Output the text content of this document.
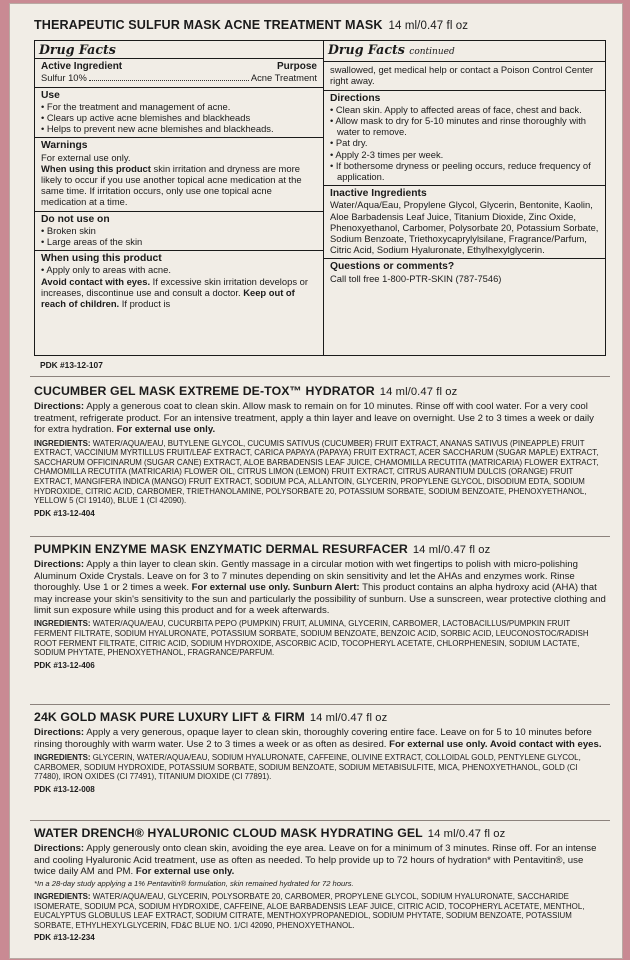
THERAPEUTIC SULFUR MASK ACNE TREATMENT MASK 14 ml/0.47 fl oz
Drug Facts
Active Ingredient	Purpose
Sulfur 10%	Acne Treatment
Use
• For the treatment and management of acne.
• Clears up active acne blemishes and blackheads
• Helps to prevent new acne blemishes and blackheads.
Warnings
For external use only.
When using this product skin irritation and dryness are more likely to occur if you use another topical acne medication at the same time. If irritation occurs, only use one topical acne medication at a time.
Do not use on
• Broken skin
• Large areas of the skin
When using this product
• Apply only to areas with acne.
Avoid contact with eyes. If excessive skin irritation develops or increases, discontinue use and consult a doctor. Keep out of reach of children. If product is
Drug Facts continued
swallowed, get medical help or contact a Poison Control Center right away.
Directions
• Clean skin. Apply to affected areas of face, chest and back.
• Allow mask to dry for 5-10 minutes and rinse thoroughly with water to remove.
• Pat dry.
• Apply 2-3 times per week.
• If bothersome dryness or peeling occurs, reduce frequency of application.
Inactive Ingredients
Water/Aqua/Eau, Propylene Glycol, Glycerin, Bentonite, Kaolin, Aloe Barbadensis Leaf Juice, Titanium Dioxide, Zinc Oxide, Phenoxyethanol, Carbomer, Polysorbate 20, Potassium Sorbate, Sodium Benzoate, Triethoxycaprylylsilane, Fragrance/Parfum, Citric Acid, Sodium Hyaluronate, Ethylhexylglycerin.
Questions or comments?
Call toll free 1-800-PTR-SKIN (787-7546)
PDK #13-12-107
CUCUMBER GEL MASK EXTREME DE-TOX™ HYDRATOR 14 ml/0.47 fl oz
Directions: Apply a generous coat to clean skin. Allow mask to remain on for 10 minutes. Rinse off with cool water. For a very cool treatment, refrigerate product. For an intensive treatment, apply a thin layer and leave on overnight. Use 2 to 3 times a week or daily for extra hydration. For external use only.
INGREDIENTS: WATER/AQUA/EAU, BUTYLENE GLYCOL, CUCUMIS SATIVUS (CUCUMBER) FRUIT EXTRACT, ANANAS SATIVUS (PINEAPPLE) FRUIT EXTRACT, VACCINIUM MYRTILLUS FRUIT/LEAF EXTRACT, CARICA PAPAYA (PAPAYA) FRUIT EXTRACT, ACER SACCHARUM (SUGAR MAPLE) EXTRACT, SACCHARUM OFFICINARUM (SUGAR CANE) EXTRACT, ALOE BARBADENSIS LEAF JUICE, CHAMOMILLA RECUTITA (MATRICARIA) FLOWER EXTRACT, CHAMOMILLA RECUTITA (MATRICARIA) FLOWER OIL, CITRUS LIMON (LEMON) FRUIT EXTRACT, CITRUS AURANTIUM DULCIS (ORANGE) FRUIT EXTRACT, MANGIFERA INDICA (MANGO) FRUIT EXTRACT, SODIUM PCA, ALLANTOIN, GLYCERIN, PROPYLENE GLYCOL, DISODIUM EDTA, SODIUM HYDROXIDE, CITRIC ACID, CARBOMER, TRIETHANOLAMINE, POLYSORBATE 20, POTASSIUM SORBATE, SODIUM BENZOATE, PHENOXYETHANOL, YELLOW 5 (CI 19140), BLUE 1 (CI 42090).
PDK #13-12-404
PUMPKIN ENZYME MASK ENZYMATIC DERMAL RESURFACER 14 ml/0.47 fl oz
Directions: Apply a thin layer to clean skin. Gently massage in a circular motion with wet fingertips to polish with micro-polishing Aluminum Oxide Crystals. Leave on for 3 to 7 minutes depending on skin sensitivity and let the AHAs and enzymes work. Rinse thoroughly. Use 1 or 2 times a week. For external use only. Sunburn Alert: This product contains an alpha hydroxy acid (AHA) that may increase your skin's sensitivity to the sun and particularly the possibility of sunburn. Use a sunscreen, wear protective clothing and limit sun exposure while using this product and for a week afterwards.
INGREDIENTS: WATER/AQUA/EAU, CUCURBITA PEPO (PUMPKIN) FRUIT, ALUMINA, GLYCERIN, CARBOMER, LACTOBACILLUS/PUMPKIN FRUIT FERMENT FILTRATE, SODIUM HYALURONATE, POTASSIUM SORBATE, SODIUM BENZOATE, BENZOIC ACID, SORBIC ACID, LEUCONOSTOC/RADISH ROOT FERMENT FILTRATE, CITRIC ACID, SODIUM HYDROXIDE, ASCORBIC ACID, TOCOPHERYL ACETATE, CHLORPHENESIN, SODIUM LACTATE, SODIUM PHYTATE, PHENOXYETHANOL, FRAGRANCE/PARFUM.
PDK #13-12-406
24K GOLD MASK PURE LUXURY LIFT & FIRM 14 ml/0.47 fl oz
Directions: Apply a very generous, opaque layer to clean skin, thoroughly covering entire face. Leave on for 5 to 10 minutes before rinsing thoroughly with warm water. Use 2 to 3 times a week or as often as desired. For external use only. Avoid contact with eyes.
INGREDIENTS: GLYCERIN, WATER/AQUA/EAU, SODIUM HYALURONATE, CAFFEINE, OLIVINE EXTRACT, COLLOIDAL GOLD, PENTYLENE GLYCOL, CARBOMER, SODIUM HYDROXIDE, POTASSIUM SORBATE, SODIUM BENZOATE, SODIUM METABISULFITE, MICA, PHENOXYETHANOL, GOLD (CI 77480), IRON OXIDES (CI 77491), TITANIUM DIOXIDE (CI 77891).
PDK #13-12-008
WATER DRENCH® HYALURONIC CLOUD MASK HYDRATING GEL 14 ml/0.47 fl oz
Directions: Apply generously onto clean skin, avoiding the eye area. Leave on for a minimum of 3 minutes. Rinse off. For an intense and cooling Hyaluronic Acid treatment, use as often as needed. To help provide up to 72 hours of hydration* with Pentavitin®, use twice daily AM and PM. For external use only.
*In a 28-day study applying a 1% Pentavitin® formulation, skin remained hydrated for 72 hours.
INGREDIENTS: WATER/AQUA/EAU, GLYCERIN, POLYSORBATE 20, CARBOMER, PROPYLENE GLYCOL, SODIUM HYALURONATE, SACCHARIDE ISOMERATE, SODIUM PCA, SODIUM HYDROXIDE, CAFFEINE, ALOE BARBADENSIS LEAF JUICE, CITRIC ACID, TOCOPHERYL ACETATE, MENTHOL, EUCALYPTUS GLOBULUS LEAF EXTRACT, SODIUM CITRATE, MENTHOXYPROPANEDIOL, SODIUM PHYTATE, SODIUM BENZOATE, POTASSIUM SORBATE, ETHYLHEXYLGLYCERIN, FD&C BLUE NO. 1/CI 42090, PHENOXYETHANOL.
PDK #13-12-234
